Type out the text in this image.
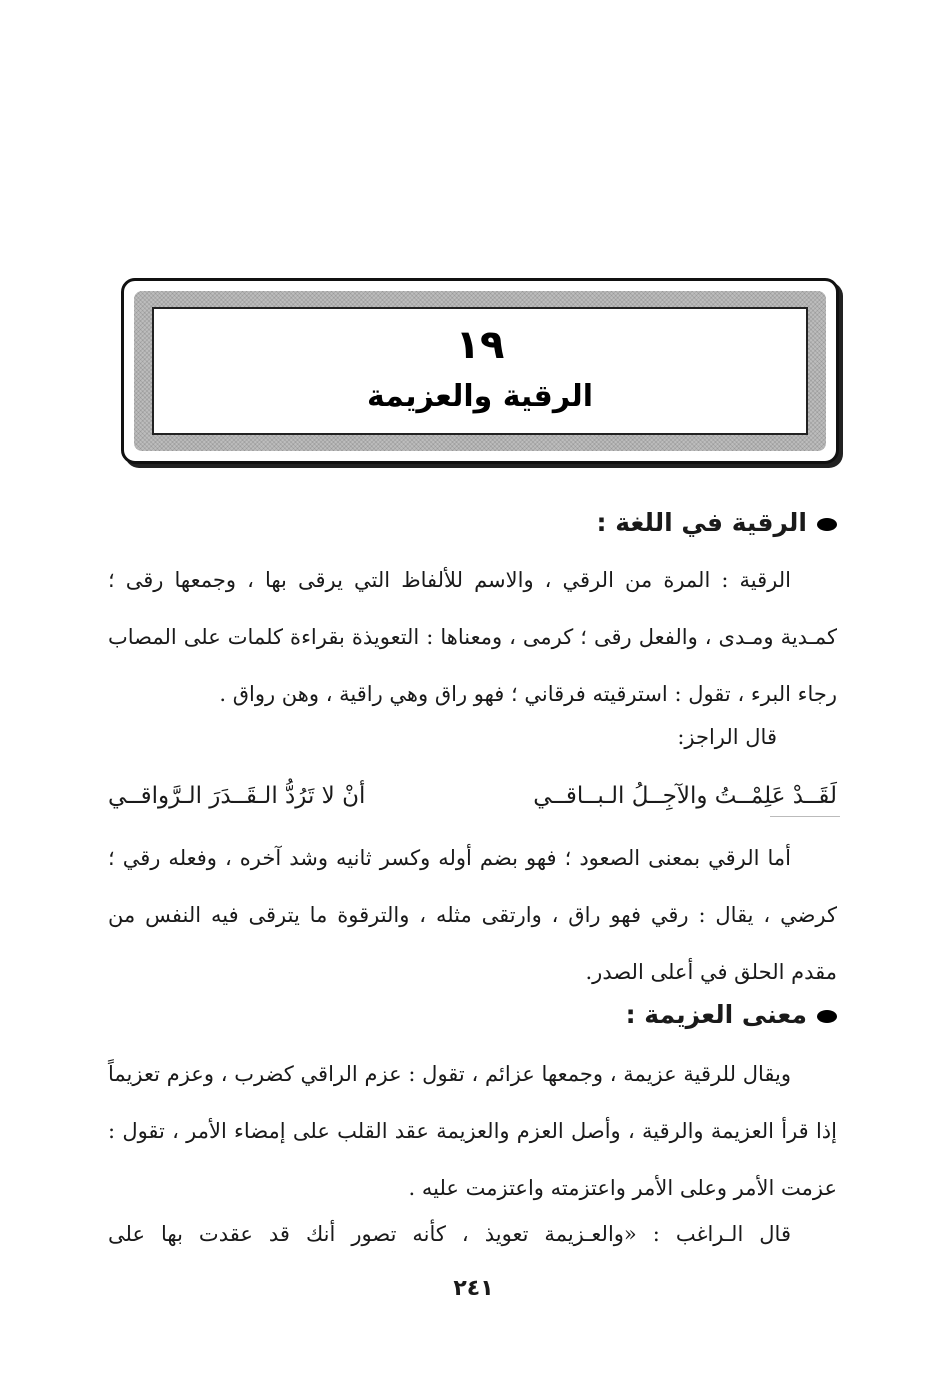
١٩
الرقية والعزيمة
الرقية في اللغة :
الرقية : المرة من الرقي ، والاسم للألفاظ التي يرقى بها ، وجمعها رقى ؛ كمـدية ومـدى ، والفعل رقى ؛ كرمى ، ومعناها : التعويذة بقراءة كلمات على المصاب رجاء البرء ، تقول : استرقيته فرقاني ؛ فهو راق وهي راقية ، وهن رواق .
قال الراجز:
لَقَــدْ عَلِمْــتُ والآجِــلُ الـبــاقــي
أنْ لا تَرُدُّ الـقَــدَرَ الـرَّواقــي
أما الرقي بمعنى الصعود ؛ فهو بضم أوله وكسر ثانيه وشد آخره ، وفعله رقي ؛ كرضي ، يقال : رقي فهو راق ، وارتقى مثله ، والترقوة ما يترقى فيه النفس من مقدم الحلق في أعلى الصدر.
معنى العزيمة :
ويقال للرقية عزيمة ، وجمعها عزائم ، تقول : عزم الراقي كضرب ، وعزم تعزيماً إذا قرأ العزيمة والرقية ، وأصل العزم والعزيمة عقد القلب على إمضاء الأمر ، تقول : عزمت الأمر وعلى الأمر واعتزمته واعتزمت عليه .
قال الـراغب : «والعـزيمة تعويذ ، كأنه تصور أنك قد عقدت بها على
٢٤١
